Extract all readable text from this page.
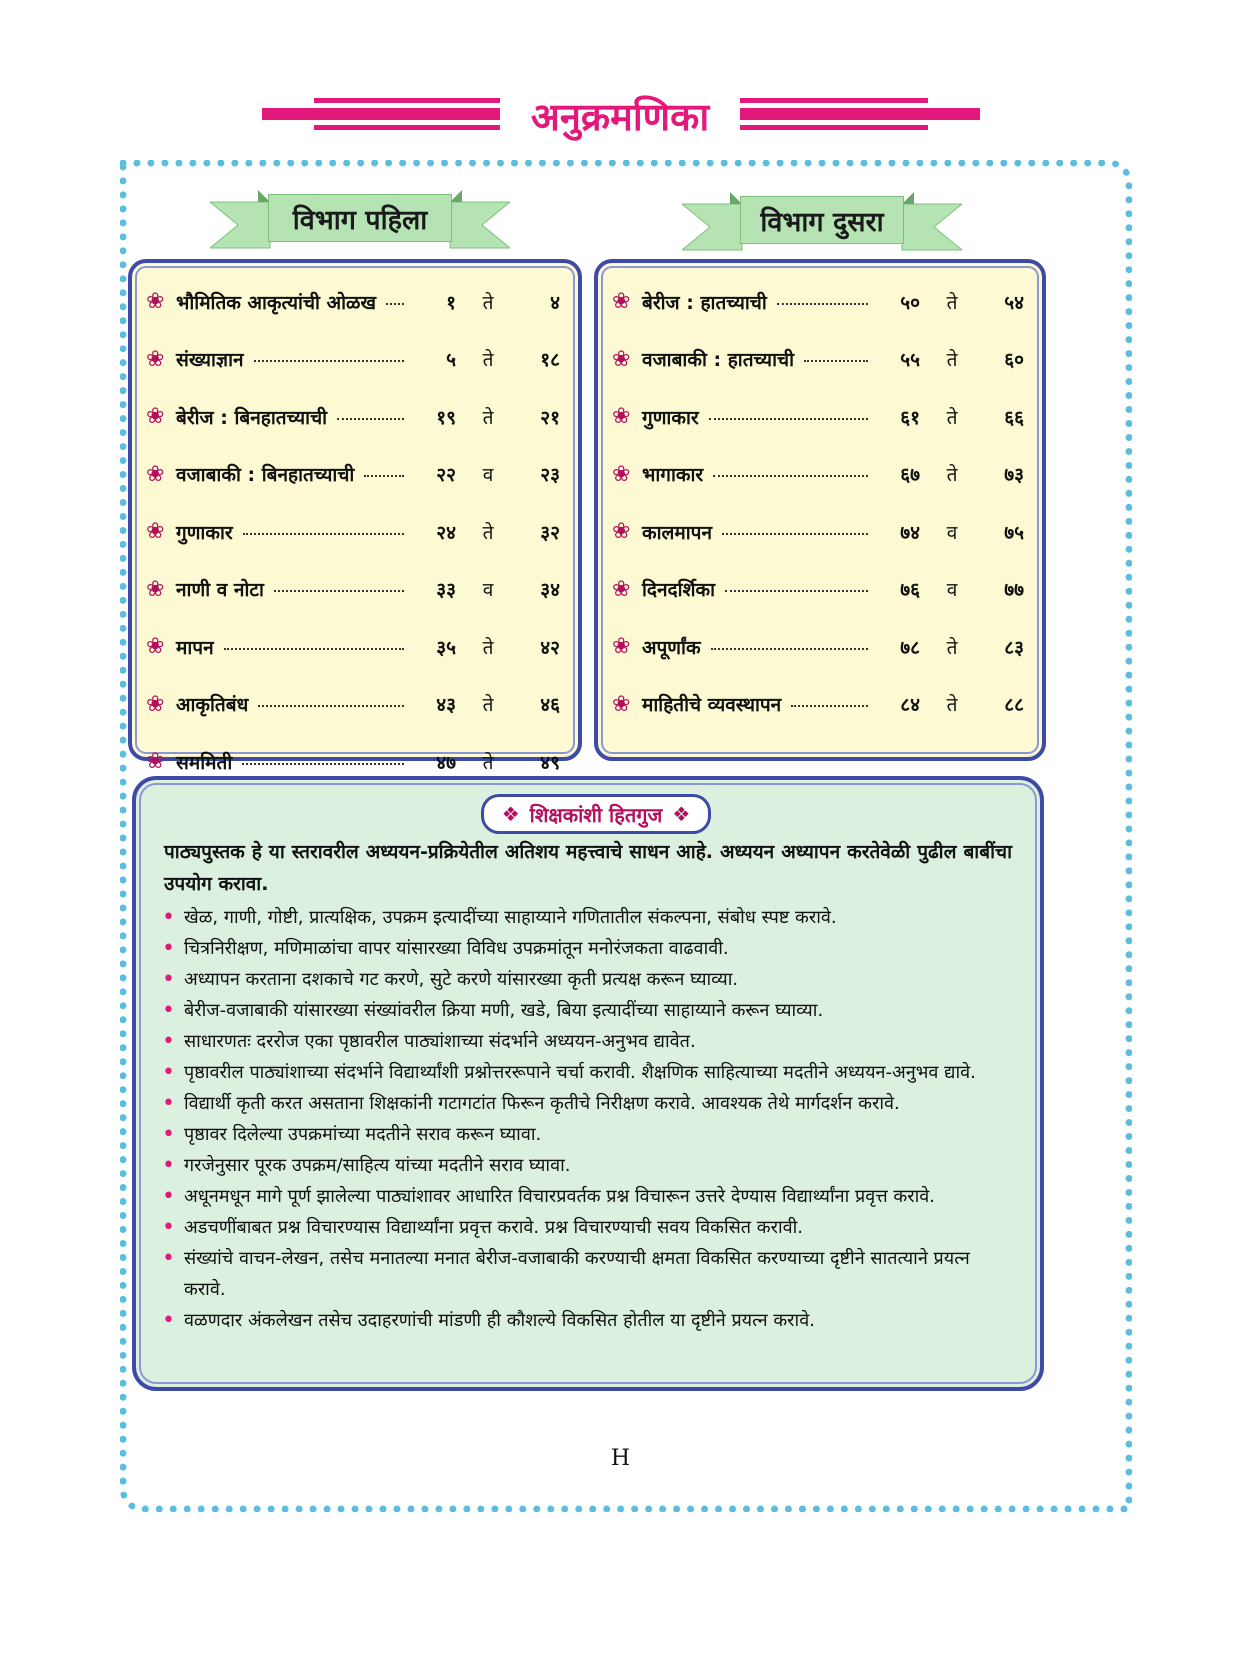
अनुक्रमणिका
विभाग पहिला	विभाग दुसरा
❀ भौमितिक आकृत्यांची ओळख	१	ते	४
❀ संख्याज्ञान	५	ते	१८
❀ बेरीज : बिनहातच्याची	१९	ते	२१
❀ वजाबाकी : बिनहातच्याची	२२	व	२३
❀ गुणाकार	२४	ते	३२
❀ नाणी व नोटा	३३	व	३४
❀ मापन	३५	ते	४२
❀ आकृतिबंध	४३	ते	४६
❀ सममिती	४७	ते	४९
❀ बेरीज : हातच्याची	५०	ते	५४
❀ वजाबाकी : हातच्याची	५५	ते	६०
❀ गुणाकार	६१	ते	६६
❀ भागाकार	६७	ते	७३
❀ कालमापन	७४	व	७५
❀ दिनदर्शिका	७६	व	७७
❀ अपूर्णांक	७८	ते	८३
❀ माहितीचे व्यवस्थापन	८४	ते	८८
❖ शिक्षकांशी हितगुज ❖

पाठ्यपुस्तक हे या स्तरावरील अध्ययन-प्रक्रियेतील अतिशय महत्त्वाचे साधन आहे. अध्ययन अध्यापन करतेवेळी पुढील बाबींचा उपयोग करावा.

• खेळ, गाणी, गोष्टी, प्रात्यक्षिक, उपक्रम इत्यादींच्या साहाय्याने गणितातील संकल्पना, संबोध स्पष्ट करावे.
• चित्रनिरीक्षण, मणिमाळांचा वापर यांसारख्या विविध उपक्रमांतून मनोरंजकता वाढवावी.
• अध्यापन करताना दशकाचे गट करणे, सुटे करणे यांसारख्या कृती प्रत्यक्ष करून घ्याव्या.
• बेरीज-वजाबाकी यांसारख्या संख्यांवरील क्रिया मणी, खडे, बिया इत्यादींच्या साहाय्याने करून घ्याव्या.
• साधारणतः दररोज एका पृष्ठावरील पाठ्यांशाच्या संदर्भाने अध्ययन-अनुभव द्यावेत.
• पृष्ठावरील पाठ्यांशाच्या संदर्भाने विद्यार्थ्यांशी प्रश्नोत्तररूपाने चर्चा करावी. शैक्षणिक साहित्याच्या मदतीने अध्ययन-अनुभव द्यावे.
• विद्यार्थी कृती करत असताना शिक्षकांनी गटागटांत फिरून कृतीचे निरीक्षण करावे. आवश्यक तेथे मार्गदर्शन करावे.
• पृष्ठावर दिलेल्या उपक्रमांच्या मदतीने सराव करून घ्यावा.
• गरजेनुसार पूरक उपक्रम/साहित्य यांच्या मदतीने सराव घ्यावा.
• अधूनमधून मागे पूर्ण झालेल्या पाठ्यांशावर आधारित विचारप्रवर्तक प्रश्न विचारून उत्तरे देण्यास विद्यार्थ्यांना प्रवृत्त करावे.
• अडचणींबाबत प्रश्न विचारण्यास विद्यार्थ्यांना प्रवृत्त करावे. प्रश्न विचारण्याची सवय विकसित करावी.
• संख्यांचे वाचन-लेखन, तसेच मनातल्या मनात बेरीज-वजाबाकी करण्याची क्षमता विकसित करण्याच्या दृष्टीने सातत्याने प्रयत्न करावे.
• वळणदार अंकलेखन तसेच उदाहरणांची मांडणी ही कौशल्ये विकसित होतील या दृष्टीने प्रयत्न करावे.
H
